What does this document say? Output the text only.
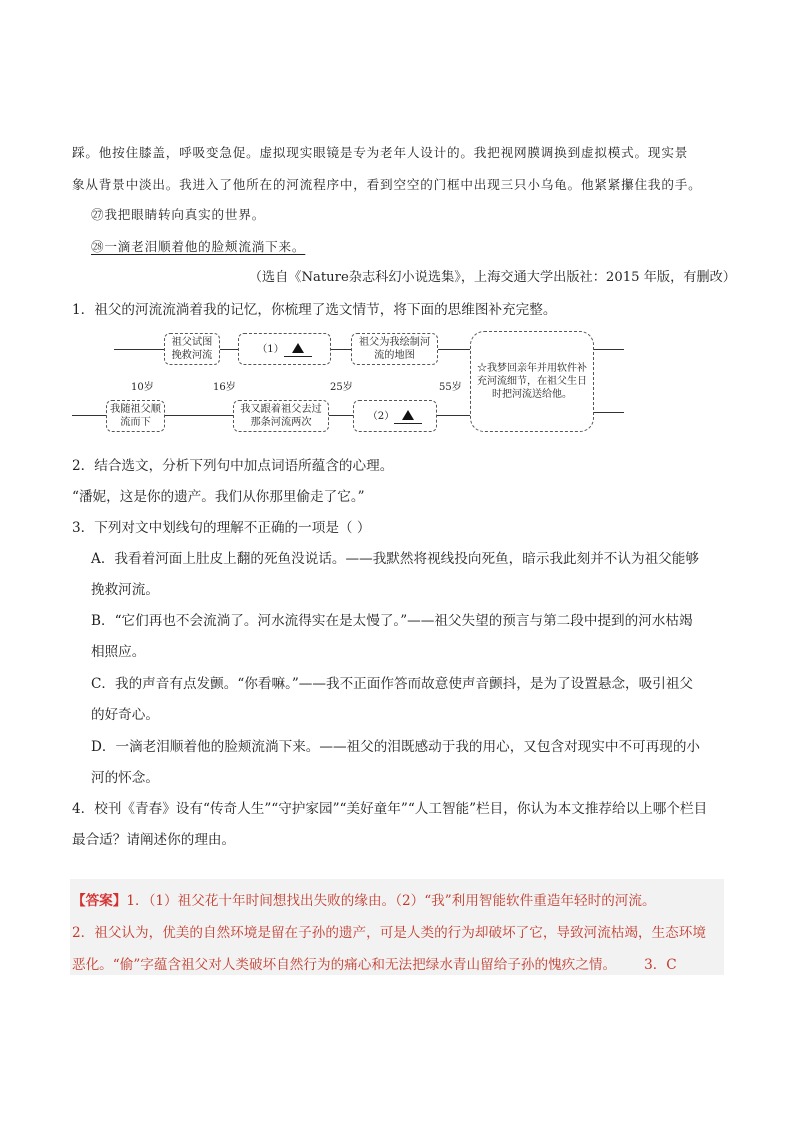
踩。他按住膝盖，呼吸变急促。虚拟现实眼镜是专为老年人设计的。我把视网膜调换到虚拟模式。现实景
象从背景中淡出。我进入了他所在的河流程序中，看到空空的门框中出现三只小乌龟。他紧紧攥住我的手。
㉗我把眼睛转向真实的世界。
㉘一滴老泪顺着他的脸颊流淌下来。
（选自《Nature杂志科幻小说选集》，上海交通大学出版社：2015 年版，有删改）
1．祖父的河流流淌着我的记忆，你梳理了选文情节，将下面的思维图补充完整。
祖父试图挽救河流
（1）
祖父为我绘制河流的地图
☆我梦回亲年并用软件补充河流细节，在祖父生日时把河流送给他。
10岁	16岁	25岁	55岁
我随祖父顺流而下
我又跟着祖父去过那条河流两次
（2）
2．结合选文，分析下列句中加点词语所蕴含的心理。
“潘妮，这是你的遗产。我们从你那里偷走了它。”
3．下列对文中划线句的理解不正确的一项是（ ）
A．我看着河面上肚皮上翻的死鱼没说话。——我默然将视线投向死鱼，暗示我此刻并不认为祖父能够
挽救河流。
B．“它们再也不会流淌了。河水流得实在是太慢了。”——祖父失望的预言与第二段中提到的河水枯竭
相照应。
C．我的声音有点发颤。“你看嘛。”——我不正面作答而故意使声音颤抖，是为了设置悬念，吸引祖父
的好奇心。
D．一滴老泪顺着他的脸颊流淌下来。——祖父的泪既感动于我的用心，又包含对现实中不可再现的小
河的怀念。
4．校刊《青春》设有“传奇人生”“守护家园”“美好童年”“人工智能”栏目，你认为本文推荐给以上哪个栏目
最合适？请阐述你的理由。
【答案】1．（1）祖父花十年时间想找出失败的缘由。（2）“我”利用智能软件重造年轻时的河流。
2．祖父认为，优美的自然环境是留在子孙的遗产，可是人类的行为却破坏了它，导致河流枯竭，生态环境
恶化。“偷”字蕴含祖父对人类破坏自然行为的痛心和无法把绿水青山留给子孙的愧疚之情。 3．C
